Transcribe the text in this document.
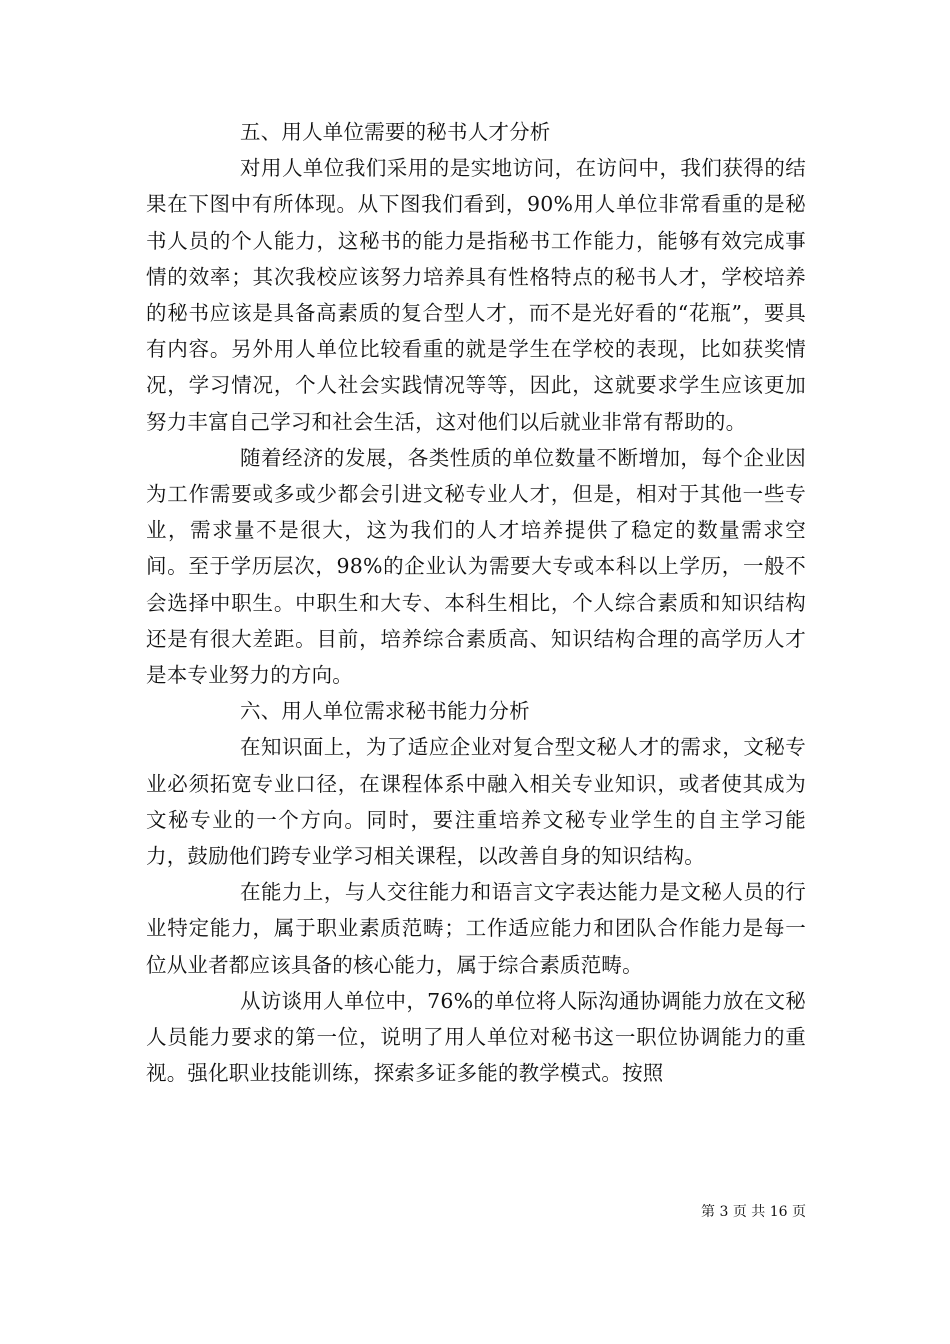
五、用人单位需要的秘书人才分析

对用人单位我们采用的是实地访问，在访问中，我们获得的结果在下图中有所体现。从下图我们看到，90%用人单位非常看重的是秘书人员的个人能力，这秘书的能力是指秘书工作能力，能够有效完成事情的效率；其次我校应该努力培养具有性格特点的秘书人才，学校培养的秘书应该是具备高素质的复合型人才，而不是光好看的“花瓶”，要具有内容。另外用人单位比较看重的就是学生在学校的表现，比如获奖情况，学习情况，个人社会实践情况等等，因此，这就要求学生应该更加努力丰富自己学习和社会生活，这对他们以后就业非常有帮助的。

随着经济的发展，各类性质的单位数量不断增加，每个企业因为工作需要或多或少都会引进文秘专业人才，但是，相对于其他一些专业，需求量不是很大，这为我们的人才培养提供了稳定的数量需求空间。至于学历层次，98%的企业认为需要大专或本科以上学历，一般不会选择中职生。中职生和大专、本科生相比，个人综合素质和知识结构还是有很大差距。目前，培养综合素质高、知识结构合理的高学历人才是本专业努力的方向。

六、用人单位需求秘书能力分析

在知识面上，为了适应企业对复合型文秘人才的需求，文秘专业必须拓宽专业口径，在课程体系中融入相关专业知识，或者使其成为文秘专业的一个方向。同时，要注重培养文秘专业学生的自主学习能力，鼓励他们跨专业学习相关课程，以改善自身的知识结构。

在能力上，与人交往能力和语言文字表达能力是文秘人员的行业特定能力，属于职业素质范畴；工作适应能力和团队合作能力是每一位从业者都应该具备的核心能力，属于综合素质范畴。

从访谈用人单位中，76%的单位将人际沟通协调能力放在文秘人员能力要求的第一位，说明了用人单位对秘书这一职位协调能力的重视。强化职业技能训练，探索多证多能的教学模式。按照

第 3 页 共 16 页
